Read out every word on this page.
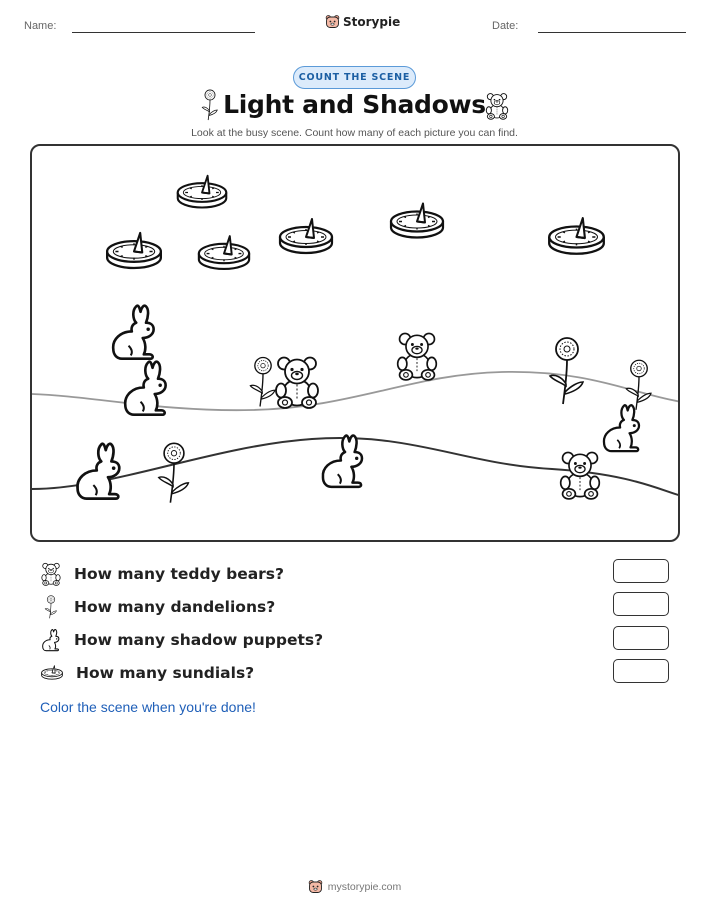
Name:	Storypie	Date:
COUNT THE SCENE
Light and Shadows
Look at the busy scene. Count how many of each picture you can find.
How many teddy bears?
How many dandelions?
How many shadow puppets?
How many sundials?
Color the scene when you're done!
mystorypie.com
